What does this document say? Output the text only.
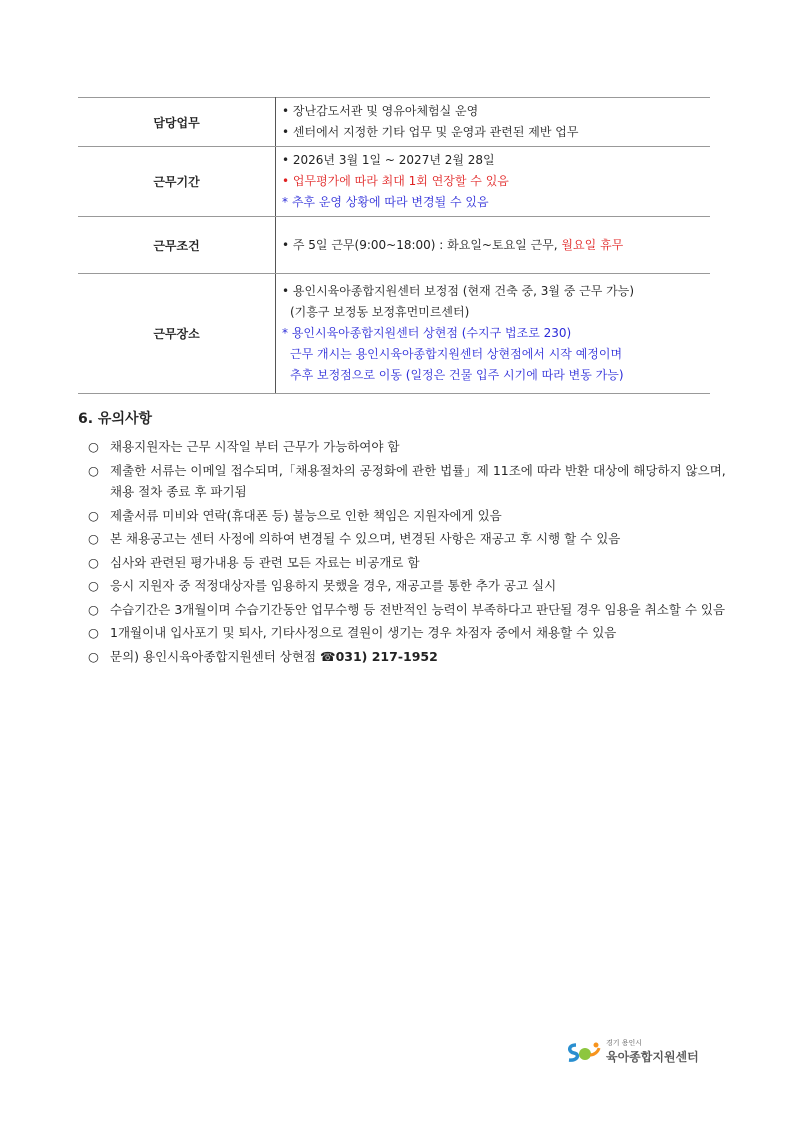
담당업무	• 장난감도서관 및 영유아체험실 운영
• 센터에서 지정한 기타 업무 및 운영과 관련된 제반 업무

근무기간	• 2026년 3월 1일 ~ 2027년 2월 28일
• 업무평가에 따라 최대 1회 연장할 수 있음
* 추후 운영 상황에 따라 변경될 수 있음

근무조건	• 주 5일 근무(9:00~18:00) : 화요일~토요일 근무, 월요일 휴무

근무장소	• 용인시육아종합지원센터 보정점 (현재 건축 중, 3월 중 근무 가능)
(기흥구 보정동 보정휴먼미르센터)
* 용인시육아종합지원센터 상현점 (수지구 법조로 230)
근무 개시는 용인시육아종합지원센터 상현점에서 시작 예정이며
추후 보정점으로 이동 (일정은 건물 입주 시기에 따라 변동 가능)
6. 유의사항
○ 채용지원자는 근무 시작일 부터 근무가 가능하여야 함
○ 제출한 서류는 이메일 접수되며,「채용절차의 공정화에 관한 법률」제 11조에 따라 반환 대상에 해당하지 않으며, 채용 절차 종료 후 파기됨
○ 제출서류 미비와 연락(휴대폰 등) 불능으로 인한 책임은 지원자에게 있음
○ 본 채용공고는 센터 사정에 의하여 변경될 수 있으며, 변경된 사항은 재공고 후 시행 할 수 있음
○ 심사와 관련된 평가내용 등 관련 모든 자료는 비공개로 함
○ 응시 지원자 중 적정대상자를 임용하지 못했을 경우, 재공고를 통한 추가 공고 실시
○ 수습기간은 3개월이며 수습기간동안 업무수행 등 전반적인 능력이 부족하다고 판단될 경우 임용을 취소할 수 있음
○ 1개월이내 입사포기 및 퇴사, 기타사정으로 결원이 생기는 경우 차점자 중에서 채용할 수 있음
○ 문의) 용인시육아종합지원센터 상현점 ☎031) 217-1952
경기 용인시
육아종합지원센터
